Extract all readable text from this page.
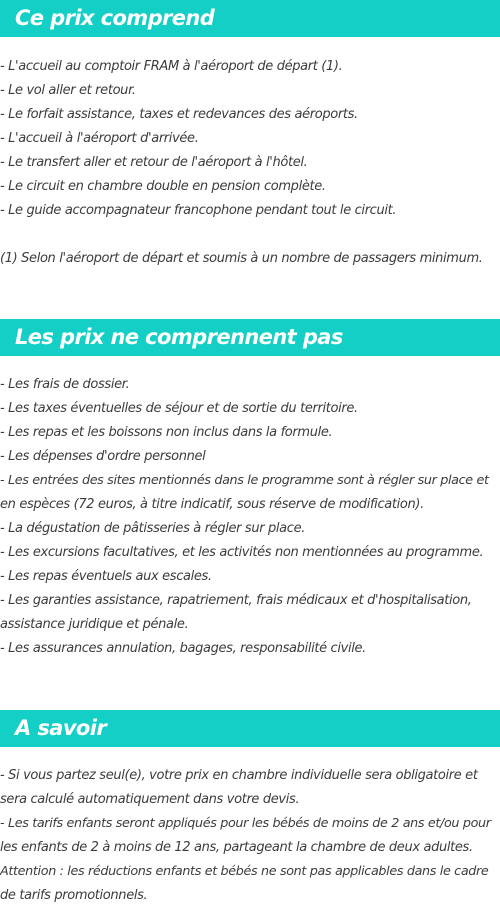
Ce prix comprend
- L'accueil au comptoir FRAM à l'aéroport de départ (1).
- Le vol aller et retour.
- Le forfait assistance, taxes et redevances des aéroports.
- L'accueil à l'aéroport d'arrivée.
- Le transfert aller et retour de l'aéroport à l'hôtel.
- Le circuit en chambre double en pension complète.
- Le guide accompagnateur francophone pendant tout le circuit.
(1) Selon l'aéroport de départ et soumis à un nombre de passagers minimum.
Les prix ne comprennent pas
- Les frais de dossier.
- Les taxes éventuelles de séjour et de sortie du territoire.
- Les repas et les boissons non inclus dans la formule.
- Les dépenses d'ordre personnel
- Les entrées des sites mentionnés dans le programme sont à régler sur place et
en espèces (72 euros, à titre indicatif, sous réserve de modification).
- La dégustation de pâtisseries à régler sur place.
- Les excursions facultatives, et les activités non mentionnées au programme.
- Les repas éventuels aux escales.
- Les garanties assistance, rapatriement, frais médicaux et d'hospitalisation,
assistance juridique et pénale.
- Les assurances annulation, bagages, responsabilité civile.
A savoir
- Si vous partez seul(e), votre prix en chambre individuelle sera obligatoire et
sera calculé automatiquement dans votre devis.
- Les tarifs enfants seront appliqués pour les bébés de moins de 2 ans et/ou pour
les enfants de 2 à moins de 12 ans, partageant la chambre de deux adultes.
Attention : les réductions enfants et bébés ne sont pas applicables dans le cadre
de tarifs promotionnels.
